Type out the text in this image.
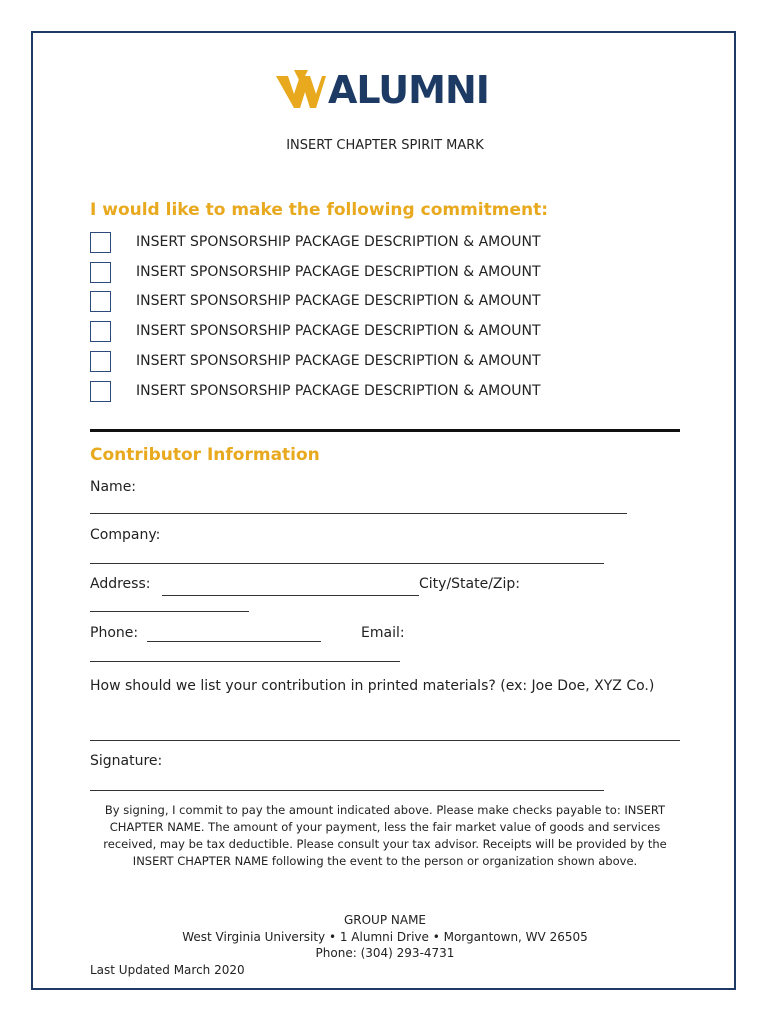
ALUMNI
INSERT CHAPTER SPIRIT MARK
I would like to make the following commitment:
INSERT SPONSORSHIP PACKAGE DESCRIPTION & AMOUNT
INSERT SPONSORSHIP PACKAGE DESCRIPTION & AMOUNT
INSERT SPONSORSHIP PACKAGE DESCRIPTION & AMOUNT
INSERT SPONSORSHIP PACKAGE DESCRIPTION & AMOUNT
INSERT SPONSORSHIP PACKAGE DESCRIPTION & AMOUNT
INSERT SPONSORSHIP PACKAGE DESCRIPTION & AMOUNT
Contributor Information
Name:
Company:
Address:	City/State/Zip:
Phone:	Email:
How should we list your contribution in printed materials? (ex: Joe Doe, XYZ Co.)
Signature:
By signing, I commit to pay the amount indicated above. Please make checks payable to: INSERT CHAPTER NAME. The amount of your payment, less the fair market value of goods and services received, may be tax deductible. Please consult your tax advisor. Receipts will be provided by the INSERT CHAPTER NAME following the event to the person or organization shown above.
GROUP NAME
West Virginia University • 1 Alumni Drive • Morgantown, WV 26505
Phone: (304) 293-4731
Last Updated March 2020
